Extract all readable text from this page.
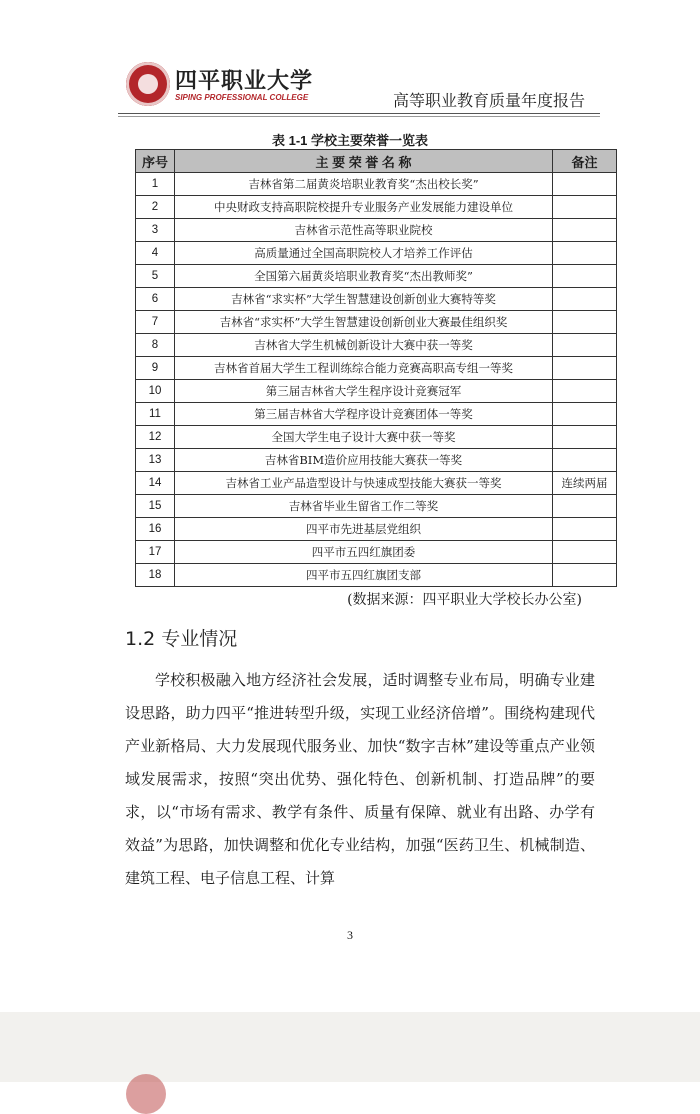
四平职业大学
SIPING PROFESSIONAL COLLEGE	高等职业教育质量年度报告
表 1-1 学校主要荣誉一览表
序号	主 要 荣 誉 名 称	备注
1	吉林省第二届黄炎培职业教育奖“杰出校长奖”	
2	中央财政支持高职院校提升专业服务产业发展能力建设单位	
3	吉林省示范性高等职业院校	
4	高质量通过全国高职院校人才培养工作评估	
5	全国第六届黄炎培职业教育奖“杰出教师奖”	
6	吉林省“求实杯”大学生智慧建设创新创业大赛特等奖	
7	吉林省“求实杯”大学生智慧建设创新创业大赛最佳组织奖	
8	吉林省大学生机械创新设计大赛中获一等奖	
9	吉林省首届大学生工程训练综合能力竞赛高职高专组一等奖	
10	第三届吉林省大学生程序设计竞赛冠军	
11	第三届吉林省大学程序设计竞赛团体一等奖	
12	全国大学生电子设计大赛中获一等奖	
13	吉林省BIM造价应用技能大赛获一等奖	
14	吉林省工业产品造型设计与快速成型技能大赛获一等奖	连续两届
15	吉林省毕业生留省工作二等奖	
16	四平市先进基层党组织	
17	四平市五四红旗团委	
18	四平市五四红旗团支部	
(数据来源：四平职业大学校长办公室)
1.2 专业情况
学校积极融入地方经济社会发展，适时调整专业布局，明确专业建设思路，助力四平“推进转型升级，实现工业经济倍增”。围绕构建现代产业新格局、大力发展现代服务业、加快“数字吉林”建设等重点产业领域发展需求，按照“突出优势、强化特色、创新机制、打造品牌”的要求，以“市场有需求、教学有条件、质量有保障、就业有出路、办学有效益”为思路，加快调整和优化专业结构，加强“医药卫生、机械制造、建筑工程、电子信息工程、计算
3
